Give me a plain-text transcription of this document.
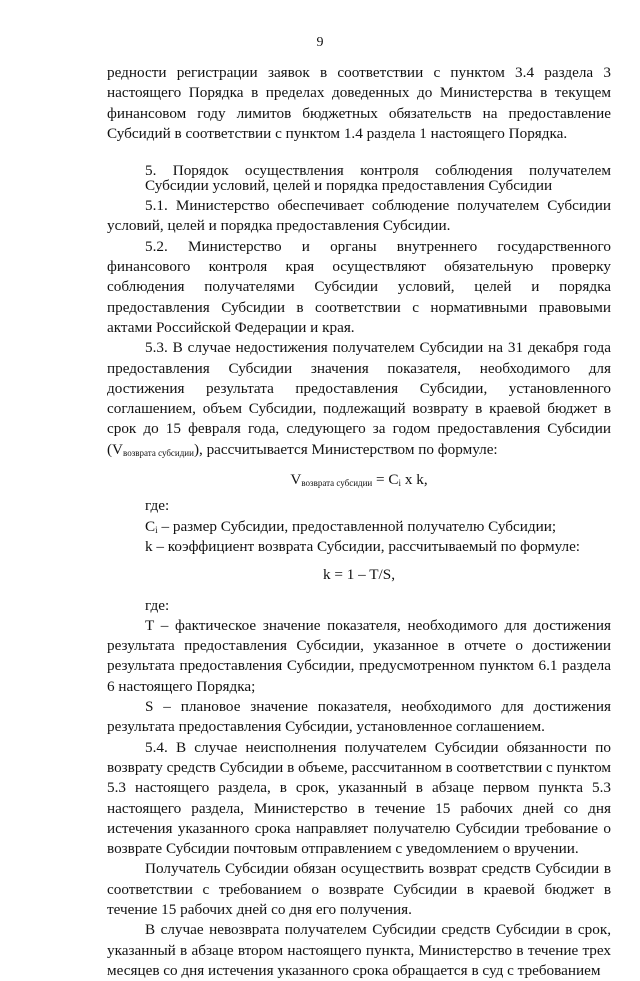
9

редности регистрации заявок в соответствии с пунктом 3.4 раздела 3 настоящего Порядка в пределах доведенных до Министерства в текущем финансовом году лимитов бюджетных обязательств на предоставление Субсидий в соответствии с пунктом 1.4 раздела 1 настоящего Порядка.

5. Порядок осуществления контроля соблюдения получателем Субсидии условий, целей и порядка предоставления Субсидии

5.1. Министерство обеспечивает соблюдение получателем Субсидии условий, целей и порядка предоставления Субсидии.

5.2. Министерство и органы внутреннего государственного финансового контроля края осуществляют обязательную проверку соблюдения получателями Субсидии условий, целей и порядка предоставления Субсидии в соответствии с нормативными правовыми актами Российской Федерации и края.

5.3. В случае недостижения получателем Субсидии на 31 декабря года предоставления Субсидии значения показателя, необходимого для достижения результата предоставления Субсидии, установленного соглашением, объем Субсидии, подлежащий возврату в краевой бюджет в срок до 15 февраля года, следующего за годом предоставления Субсидии $(V_{возврата субсидии})$, рассчитывается Министерством по формуле:

$V_{возврата субсидии} = C_i$ x k,

где:

$C_i$ – размер Субсидии, предоставленной получателю Субсидии;

k – коэффициент возврата Субсидии, рассчитываемый по формуле:

k = 1 – T/S,

где:

T – фактическое значение показателя, необходимого для достижения результата предоставления Субсидии, указанное в отчете о достижении результата предоставления Субсидии, предусмотренном пунктом 6.1 раздела 6 настоящего Порядка;

S – плановое значение показателя, необходимого для достижения результата предоставления Субсидии, установленное соглашением.

5.4. В случае неисполнения получателем Субсидии обязанности по возврату средств Субсидии в объеме, рассчитанном в соответствии с пунктом 5.3 настоящего раздела, в срок, указанный в абзаце первом пункта 5.3 настоящего раздела, Министерство в течение 15 рабочих дней со дня истечения указанного срока направляет получателю Субсидии требование о возврате Субсидии почтовым отправлением с уведомлением о вручении.

Получатель Субсидии обязан осуществить возврат средств Субсидии в соответствии с требованием о возврате Субсидии в краевой бюджет в течение 15 рабочих дней со дня его получения.

В случае невозврата получателем Субсидии средств Субсидии в срок, указанный в абзаце втором настоящего пункта, Министерство в течение трех месяцев со дня истечения указанного срока обращается в суд с требованием
